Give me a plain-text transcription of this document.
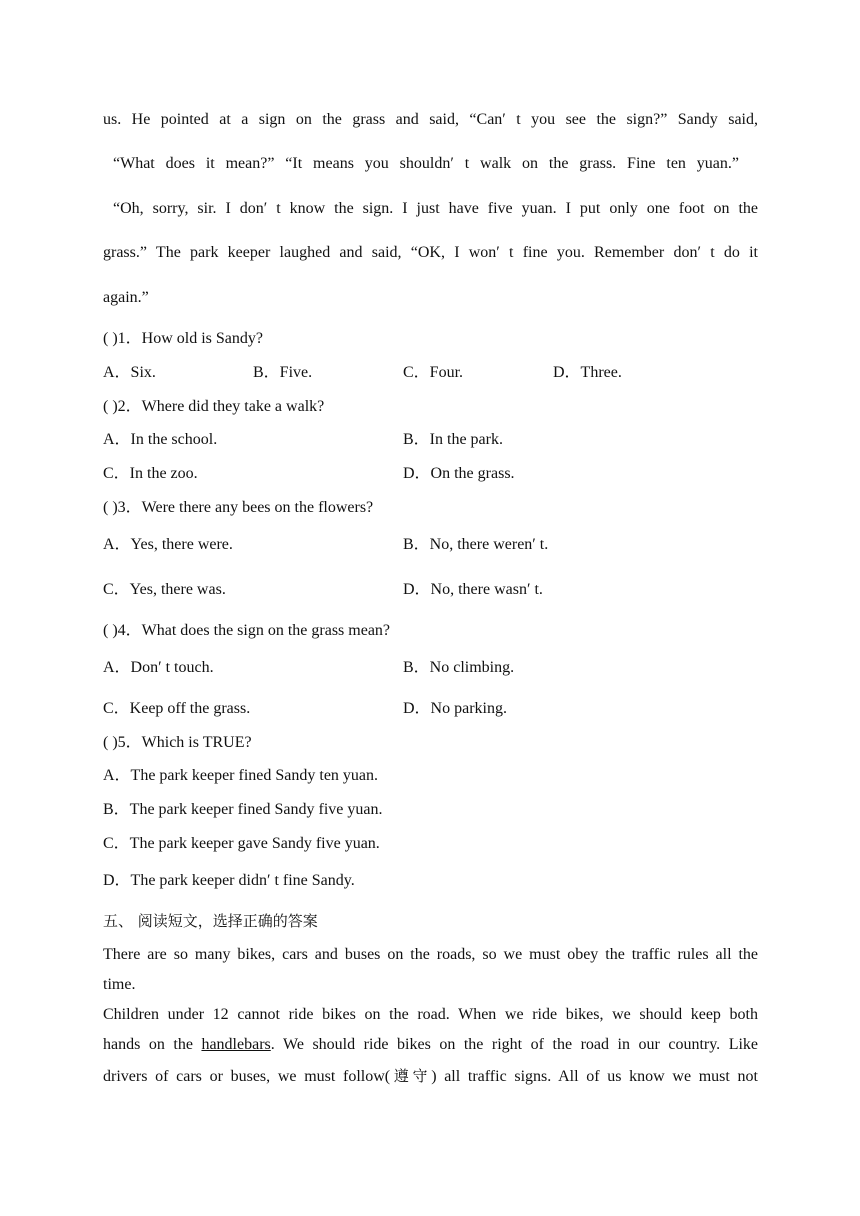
us. He pointed at a sign on the grass and said, “Can′ t you see the sign?” Sandy said,
“What does it mean?” “It means you shouldn′ t walk on the grass. Fine ten yuan.”
“Oh, sorry, sir. I don′ t know the sign. I just have five yuan. I put only one foot on the
grass.” The park keeper laughed and said, “OK, I won′ t fine you. Remember don′ t do it
again.”
( )1．How old is Sandy?
A．Six.	B．Five.	C．Four.	D．Three.
( )2．Where did they take a walk?
A．In the school.	B．In the park.
C．In the zoo.	D．On the grass.
( )3．Were there any bees on the flowers?
A．Yes, there were.	B．No, there weren′ t.
C．Yes, there was.	D．No, there wasn′ t.
( )4．What does the sign on the grass mean?
A．Don′ t touch.	B．No climbing.
C．Keep off the grass.	D．No parking.
( )5．Which is TRUE?
A．The park keeper fined Sandy ten yuan.
B．The park keeper fined Sandy five yuan.
C．The park keeper gave Sandy five yuan.
D．The park keeper didn′ t fine Sandy.
五、 阅读短文，选择正确的答案
There are so many bikes, cars and buses on the roads, so we must obey the traffic rules all the
time.
Children under 12 cannot ride bikes on the road. When we ride bikes, we should keep both
hands on the handlebars. We should ride bikes on the right of the road in our country. Like
drivers of cars or buses, we must follow(遵守) all traffic signs. All of us know we must not
